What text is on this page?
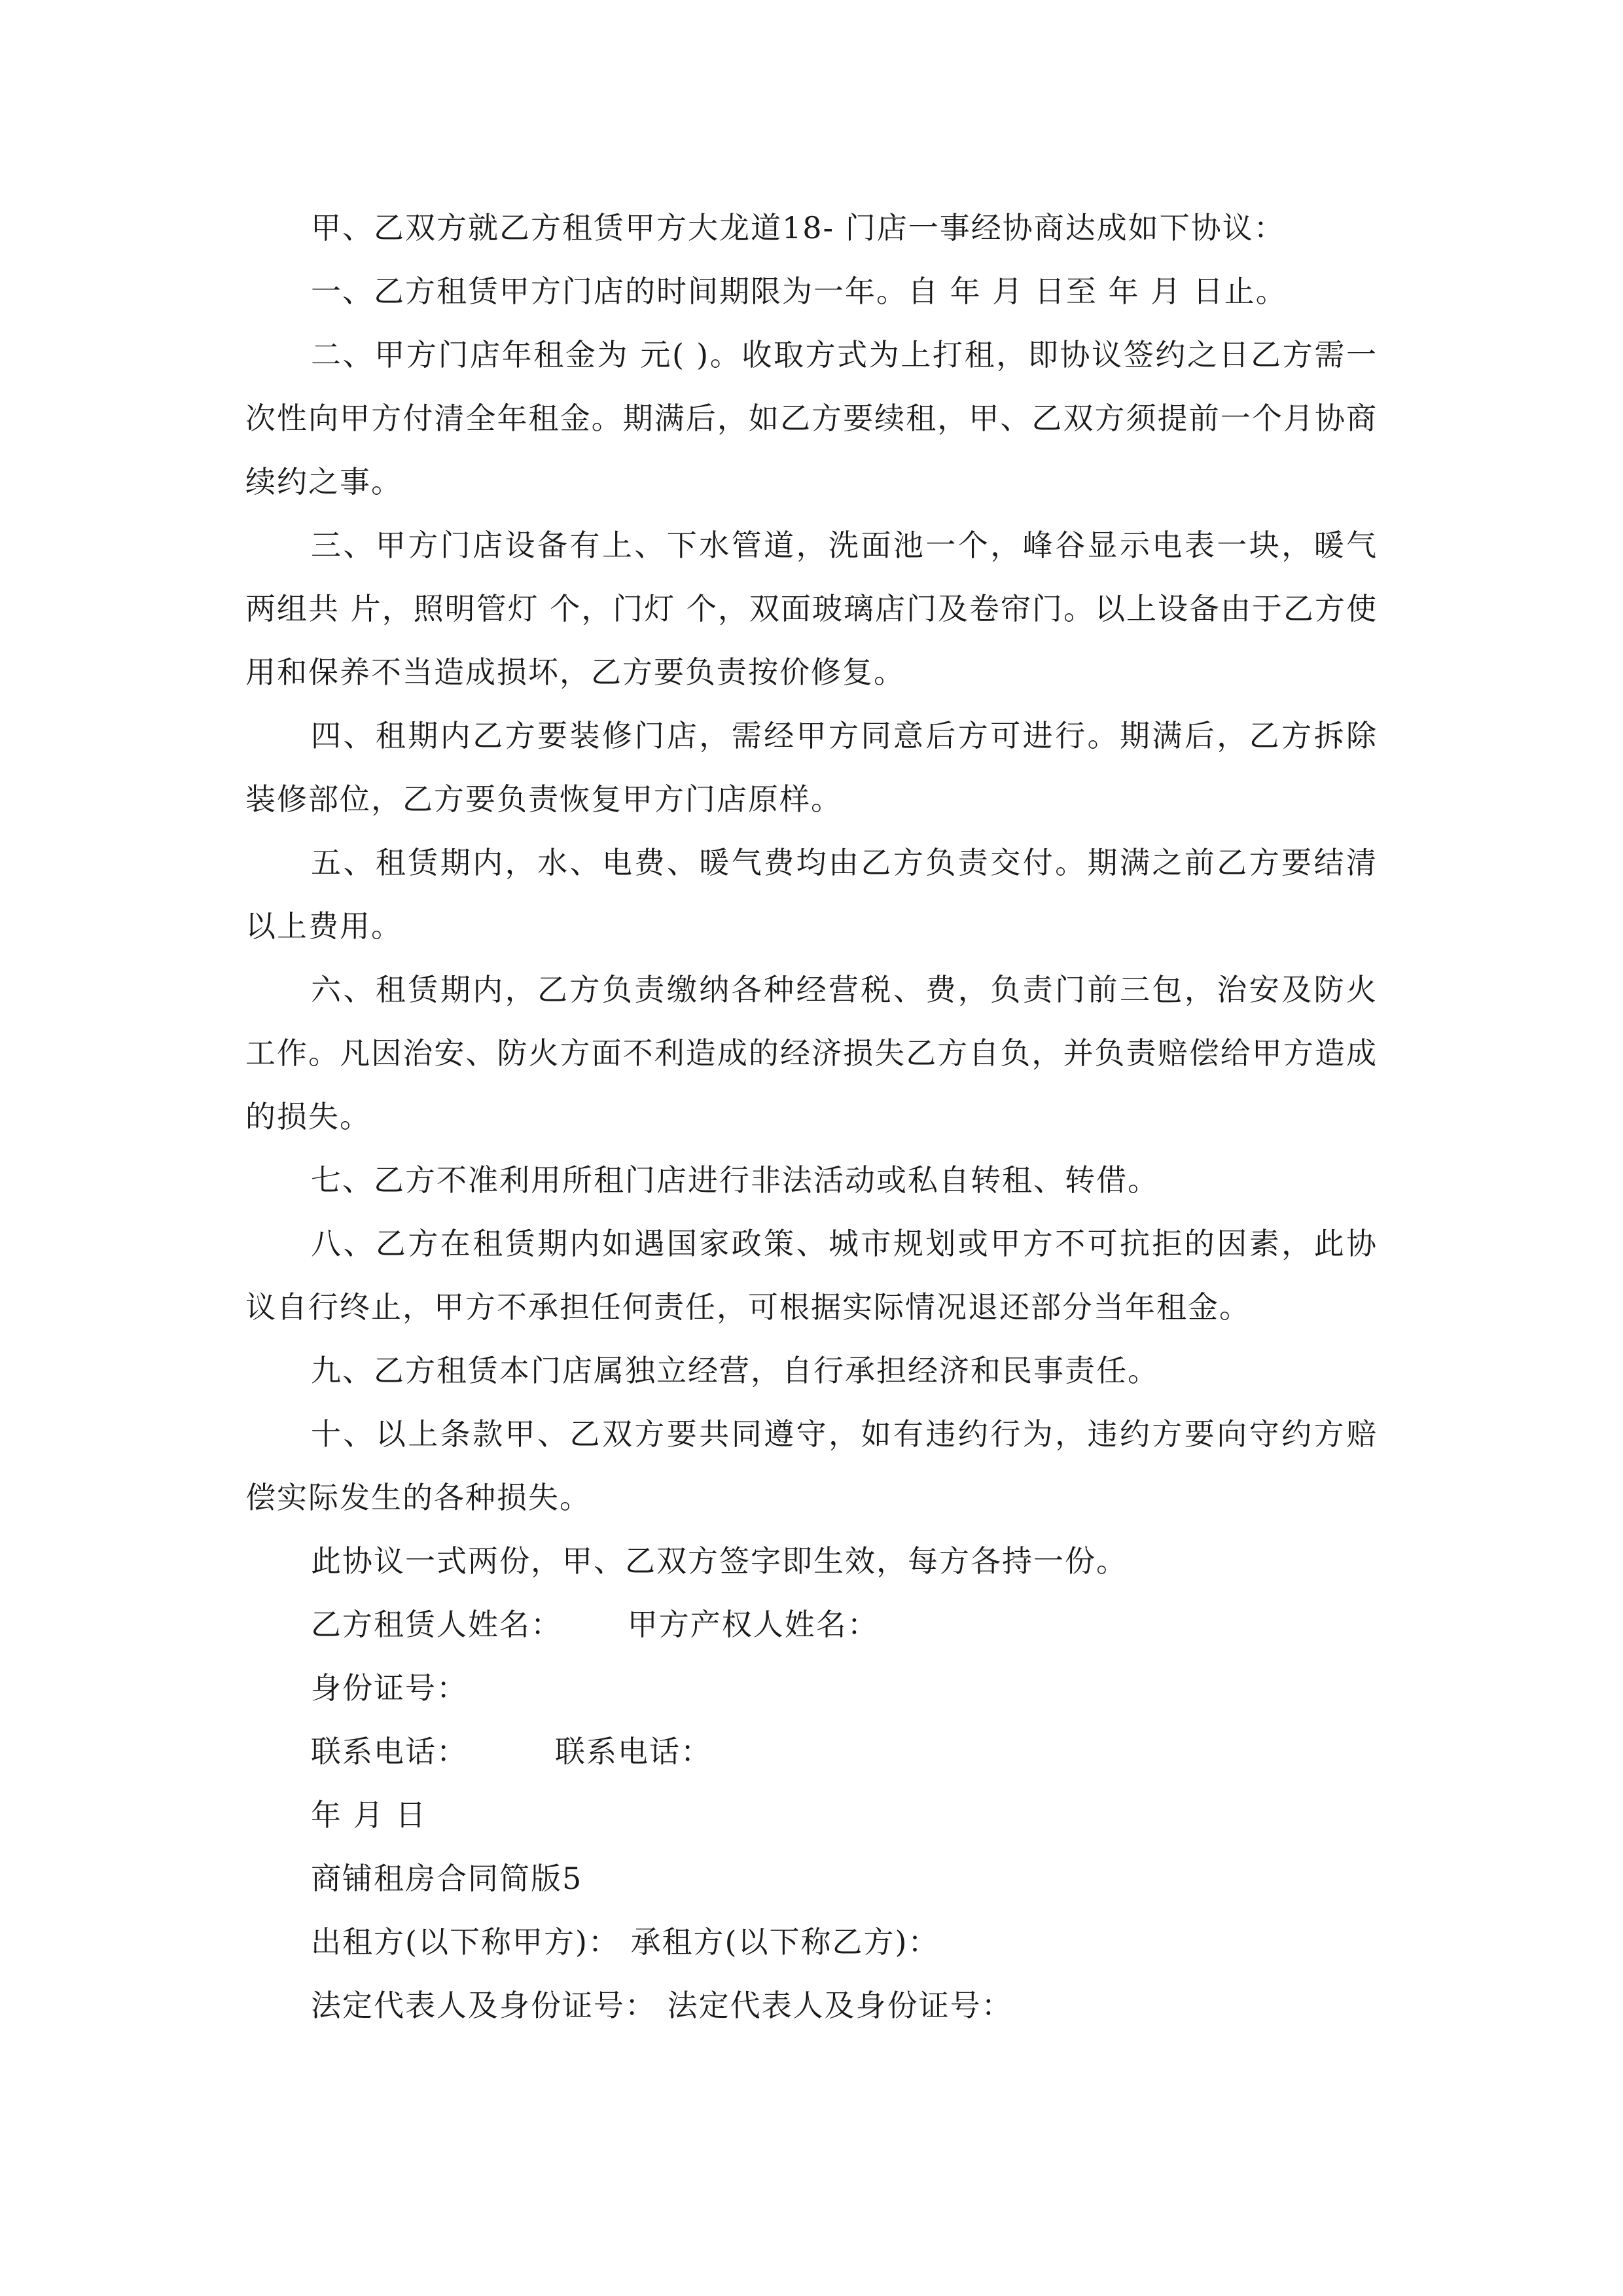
甲、乙双方就乙方租赁甲方大龙道18- 门店一事经协商达成如下协议：

一、乙方租赁甲方门店的时间期限为一年。自 年 月 日至 年 月 日止。

二、甲方门店年租金为 元( )。收取方式为上打租，即协议签约之日乙方需一次性向甲方付清全年租金。期满后，如乙方要续租，甲、乙双方须提前一个月协商续约之事。

三、甲方门店设备有上、下水管道，洗面池一个，峰谷显示电表一块，暖气两组共 片，照明管灯 个，门灯 个，双面玻璃店门及卷帘门。以上设备由于乙方使用和保养不当造成损坏，乙方要负责按价修复。

四、租期内乙方要装修门店，需经甲方同意后方可进行。期满后，乙方拆除装修部位，乙方要负责恢复甲方门店原样。

五、租赁期内，水、电费、暖气费均由乙方负责交付。期满之前乙方要结清以上费用。

六、租赁期内，乙方负责缴纳各种经营税、费，负责门前三包，治安及防火工作。凡因治安、防火方面不利造成的经济损失乙方自负，并负责赔偿给甲方造成的损失。

七、乙方不准利用所租门店进行非法活动或私自转租、转借。

八、乙方在租赁期内如遇国家政策、城市规划或甲方不可抗拒的因素，此协议自行终止，甲方不承担任何责任，可根据实际情况退还部分当年租金。

九、乙方租赁本门店属独立经营，自行承担经济和民事责任。

十、以上条款甲、乙双方要共同遵守，如有违约行为，违约方要向守约方赔偿实际发生的各种损失。

此协议一式两份，甲、乙双方签字即生效，每方各持一份。

乙方租赁人姓名：      甲方产权人姓名：

身份证号：

联系电话：        联系电话：

年 月 日

商铺租房合同简版5

出租方(以下称甲方)： 承租方(以下称乙方)：

法定代表人及身份证号： 法定代表人及身份证号：
